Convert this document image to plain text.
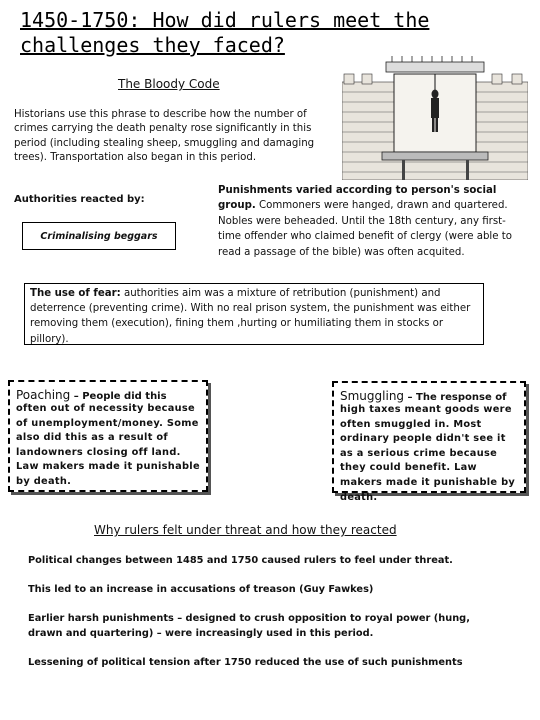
1450-1750: How did rulers meet the challenges they faced?
The Bloody Code
Historians use this phrase to describe how the number of crimes carrying the death penalty rose significantly in this period (including stealing sheep, smuggling and damaging trees). Transportation also began in this period.
Authorities reacted by:
Criminalising beggars
Punishments varied according to person's social group. Commoners were hanged, drawn and quartered. Nobles were beheaded. Until the 18th century, any first-time offender who claimed benefit of clergy (were able to read a passage of the bible) was often acquited.
The use of fear: authorities aim was a mixture of retribution (punishment) and deterrence (preventing crime). With no real prison system, the punishment was either removing them (execution), fining them ,hurting or humiliating them in stocks or pillory).
Poaching – People did this
often out of necessity because of unemployment/money. Some also did this as a result of landowners closing off land. Law makers made it punishable by death.
Smuggling – The response of
high taxes meant goods were often smuggled in. Most ordinary people didn't see it as a serious crime because they could benefit. Law makers made it punishable by death.
Why rulers felt under threat and how they reacted
Political changes between 1485 and 1750 caused rulers to feel under threat.
This led to an increase in accusations of treason (Guy Fawkes)
Earlier harsh punishments – designed to crush opposition to royal power (hung, drawn and quartering) – were increasingly used in this period.
Lessening of political tension after 1750 reduced the use of such punishments
